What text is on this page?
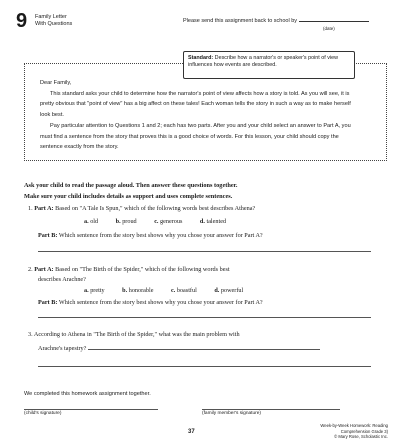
9 Family Letter
With Questions	Please send this assignment back to school by
(date)
Standard: Describe how a narrator's or speaker's point of view influences how events are described.

Dear Family,

This standard asks your child to determine how the narrator's point of view affects how a story is told. As you will see, it is pretty obvious that "point of view" has a big affect on these tales! Each woman tells the story in such a way as to make herself look best.

Pay particular attention to Questions 1 and 2; each has two parts. After you and your child select an answer to Part A, you must find a sentence from the story that proves this is a good choice of words. For this lesson, your child should copy the sentence exactly from the story.

Ask your child to read the passage aloud. Then answer these questions together.
Make sure your child includes details as support and uses complete sentences.
1. Part A: Based on "A Tale Is Spun," which of the following words best describes Athena?
a. old	b. proud	c. generous	d. talented
Part B: Which sentence from the story best shows why you chose your answer for Part A?
2. Part A: Based on "The Birth of the Spider," which of the following words best
describes Arachne?
a. pretty	b. honorable	c. boastful	d. powerful
Part B: Which sentence from the story best shows why you chose your answer for Part A?
3. According to Athena in "The Birth of the Spider," what was the main problem with
Arachne's tapestry?
We completed this homework assignment together.
(child's signature)	(family member's signature)
37
Week-by-Week Homework: Reading Comprehension Grade 3)
© Mary Rose, Scholastic Inc.
